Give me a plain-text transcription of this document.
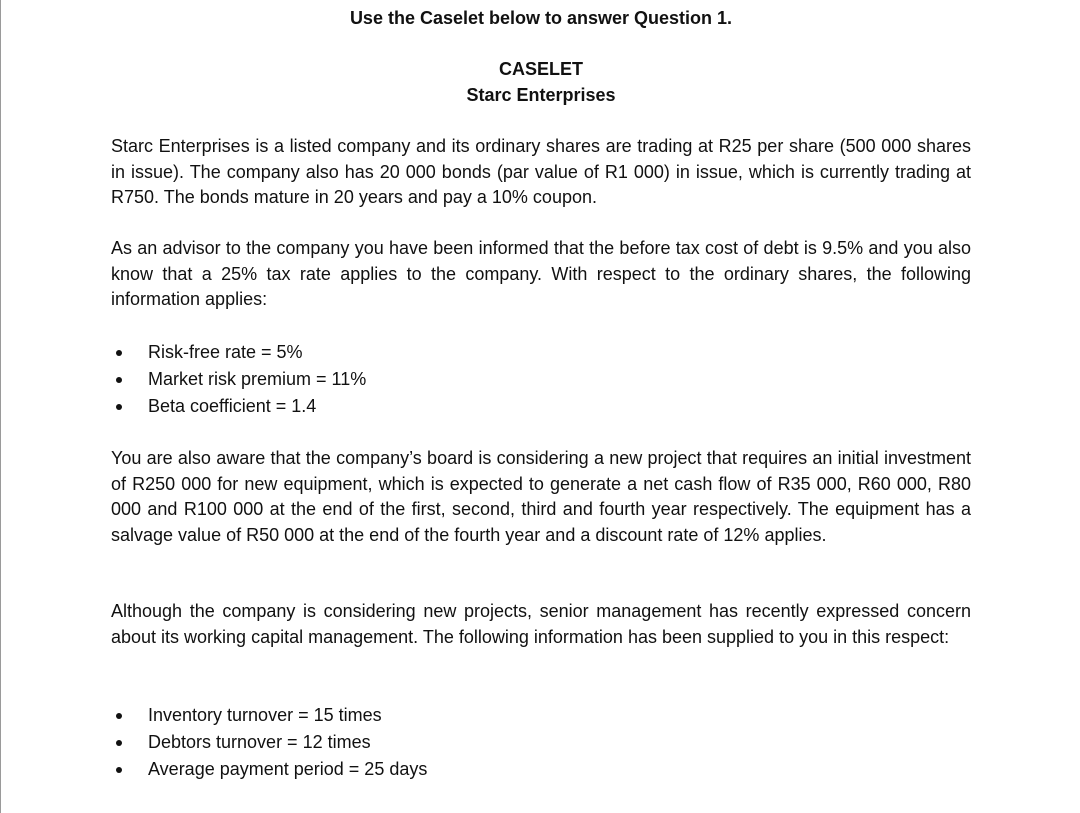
Use the Caselet below to answer Question 1.
CASELET
Starc Enterprises

Starc Enterprises is a listed company and its ordinary shares are trading at R25 per share (500 000 shares in issue). The company also has 20 000 bonds (par value of R1 000) in issue, which is currently trading at R750. The bonds mature in 20 years and pay a 10% coupon.

As an advisor to the company you have been informed that the before tax cost of debt is 9.5% and you also know that a 25% tax rate applies to the company. With respect to the ordinary shares, the following information applies:

Risk-free rate = 5%
Market risk premium = 11%
Beta coefficient = 1.4

You are also aware that the company’s board is considering a new project that requires an initial investment of R250 000 for new equipment, which is expected to generate a net cash flow of R35 000, R60 000, R80 000 and R100 000 at the end of the first, second, third and fourth year respectively. The equipment has a salvage value of R50 000 at the end of the fourth year and a discount rate of 12% applies.

Although the company is considering new projects, senior management has recently expressed concern about its working capital management. The following information has been supplied to you in this respect:

Inventory turnover = 15 times
Debtors turnover = 12 times
Average payment period = 25 days
